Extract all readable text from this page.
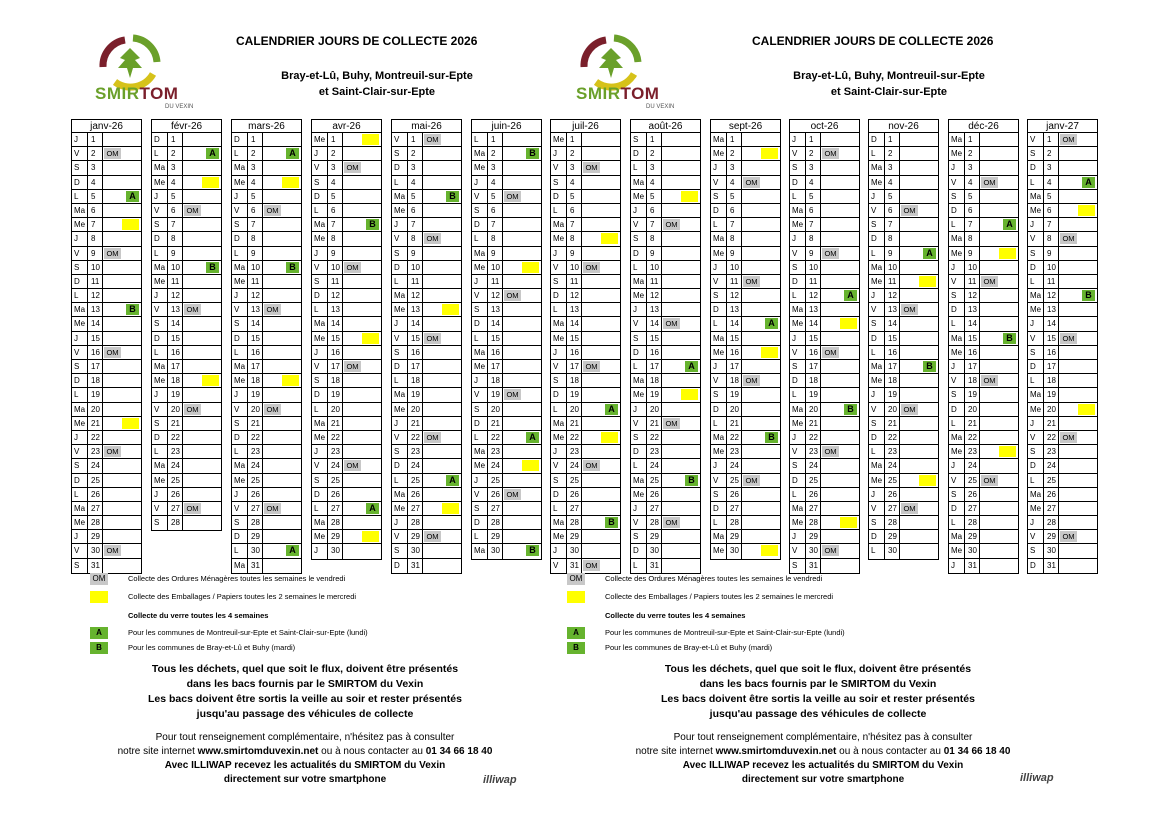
SMIRTOM
DU VEXIN
CALENDRIER JOURS DE COLLECTE 2026
Bray-et-Lû, Buhy, Montreuil-sur-Epte
et Saint-Clair-sur-Epte	SMIRTOM
DU VEXIN
CALENDRIER JOURS DE COLLECTE 2026
Bray-et-Lû, Buhy, Montreuil-sur-Epte
et Saint-Clair-sur-Epte
janv-26
J	1
V	2	OM
S	3
D	4
L	5	A
Ma 6
Me 7
J	8
V	9	OM
S	10
D	11
L	12
Ma 13	B
Me 14
J	15
V	16 OM
S	17
D	18
L	19
Ma 20
Me 21
J	22
V	23 OM
S	24
D	25
L	26
Ma 27
Me 28
J	29
V	30 OM
S	31
févr-26
D	1
L	2	A
Ma 3
Me 4
J	5
V	6	OM
S	7
D	8
L	9
Ma 10	B
Me 11
J	12
V	13 OM
S	14
D	15
L	16
Ma 17
Me 18
J	19
V	20 OM
S	21
D	22
L	23
Ma 24
Me 25
J	26
V	27 OM
S	28
mars-26
D	1
L	2	A
Ma 3
Me 4
J	5
V	6	OM
S	7
D	8
L	9
Ma 10	B
Me 11
J	12
V	13 OM
S	14
D	15
L	16
Ma 17
Me 18
J	19
V	20 OM
S	21
D	22
L	23
Ma 24
Me 25
J	26
V	27 OM
S	28
D	29
L	30	A
Ma 31
avr-26
Me 1
J	2
V	3	OM
S	4
D	5
L	6
Ma 7	B
Me 8
J	9
V	10 OM
S	11
D	12
L	13
Ma 14
Me 15
J	16
V	17 OM
S	18
D	19
L	20
Ma 21
Me 22
J	23
V	24 OM
S	25
D	26
L	27	A
Ma 28
Me 29
J	30
mai-26
V	1	OM
S	2
D	3
L	4
Ma 5	B
Me 6
J	7
V	8	OM
S	9
D	10
L	11
Ma 12
Me 13
J	14
V	15 OM
S	16
D	17
L	18
Ma 19
Me 20
J	21
V	22 OM
S	23
D	24
L	25	A
Ma 26
Me 27
J	28
V	29 OM
S	30
D	31
juin-26
L	1
Ma 2	B
Me 3
J	4
V	5	OM
S	6
D	7
L	8
Ma 9
Me 10
J	11
V	12 OM
S	13
D	14
L	15
Ma 16
Me 17
J	18
V	19 OM
S	20
D	21
L	22	A
Ma 23
Me 24
J	25
V	26 OM
S	27
D	28
L	29
Ma 30	B
juil-26
Me 1
J	2
V	3	OM
S	4
D	5
L	6
Ma 7
Me 8
J	9
V	10 OM
S	11
D	12
L	13
Ma 14
Me 15
J	16
V	17 OM
S	18
D	19
L	20	A
Ma 21
Me 22
J	23
V	24 OM
S	25
D	26
L	27
Ma 28	B
Me 29
J	30
V	31 OM
août-26
S	1
D	2
L	3
Ma 4
Me 5
J	6
V	7	OM
S	8
D	9
L	10
Ma 11
Me 12
J	13
V	14 OM
S	15
D	16
L	17	A
Ma 18
Me 19
J	20
V	21 OM
S	22
D	23
L	24
Ma 25	B
Me 26
J	27
V	28 OM
S	29
D	30
L	31
sept-26
Ma 1
Me 2
J	3
V	4	OM
S	5
D	6
L	7
Ma 8
Me 9
J	10
V	11 OM
S	12
D	13
L	14	A
Ma 15
Me 16
J	17
V	18 OM
S	19
D	20
L	21
Ma 22	B
Me 23
J	24
V	25 OM
S	26
D	27
L	28
Ma 29
Me 30
oct-26
J	1
V	2	OM
S	3
D	4
L	5
Ma 6
Me 7
J	8
V	9	OM
S	10
D	11
L	12	A
Ma 13
Me 14
J	15
V	16 OM
S	17
D	18
L	19
Ma 20	B
Me 21
J	22
V	23 OM
S	24
D	25
L	26
Ma 27
Me 28
J	29
V	30 OM
S	31
nov-26
D	1
L	2
Ma 3
Me 4
J	5
V	6	OM
S	7
D	8
L	9	A
Ma 10
Me 11
J	12
V	13 OM
S	14
D	15
L	16
Ma 17	B
Me 18
J	19
V	20 OM
S	21
D	22
L	23
Ma 24
Me 25
J	26
V	27 OM
S	28
D	29
L	30
déc-26
Ma 1
Me 2
J	3
V	4	OM
S	5
D	6
L	7	A
Ma 8
Me 9
J	10
V	11 OM
S	12
D	13
L	14
Ma 15	B
Me 16
J	17
V	18 OM
S	19
D	20
L	21
Ma 22
Me 23
J	24
V	25 OM
S	26
D	27
L	28
Ma 29
Me 30
J	31
janv-27
V	1	OM
S	2
D	3
L	4	A
Ma 5
Me 6
J	7
V	8	OM
S	9
D	10
L	11
Ma 12	B
Me 13
J	14
V	15 OM
S	16
D	17
L	18
Ma 19
Me 20
J	21
V	22 OM
S	23
D	24
L	25
Ma 26
Me 27
J	28
V	29 OM
S	30
D	31
OM	Collecte des Ordures Ménagères toutes les semaines le vendredi
Collecte des Emballages / Papiers toutes les 2 semaines le mercredi
Collecte du verre toutes les 4 semaines
A	Pour les communes de Montreuil-sur-Epte et Saint-Clair-sur-Epte (lundi)
B	Pour les communes de Bray-et-Lû et Buhy (mardi)
OM	Collecte des Ordures Ménagères toutes les semaines le vendredi
Collecte des Emballages / Papiers toutes les 2 semaines le mercredi
Collecte du verre toutes les 4 semaines
A	Pour les communes de Montreuil-sur-Epte et Saint-Clair-sur-Epte (lundi)
B	Pour les communes de Bray-et-Lû et Buhy (mardi)
Tous les déchets, quel que soit le flux, doivent être présentés
dans les bacs fournis par le SMIRTOM du Vexin
Les bacs doivent être sortis la veille au soir et rester présentés
jusqu'au passage des véhicules de collecte
Tous les déchets, quel que soit le flux, doivent être présentés
dans les bacs fournis par le SMIRTOM du Vexin
Les bacs doivent être sortis la veille au soir et rester présentés
jusqu'au passage des véhicules de collecte
Pour tout renseignement complémentaire, n'hésitez pas à consulter
notre site internet www.smirtomduvexin.net ou à nous contacter au 01 34 66 18 40
Avec ILLIWAP recevez les actualités du SMIRTOM du Vexin
directement sur votre smartphone
Pour tout renseignement complémentaire, n'hésitez pas à consulter
notre site internet www.smirtomduvexin.net ou à nous contacter au 01 34 66 18 40
Avec ILLIWAP recevez les actualités du SMIRTOM du Vexin
directement sur votre smartphone
illiwap	illiwap
